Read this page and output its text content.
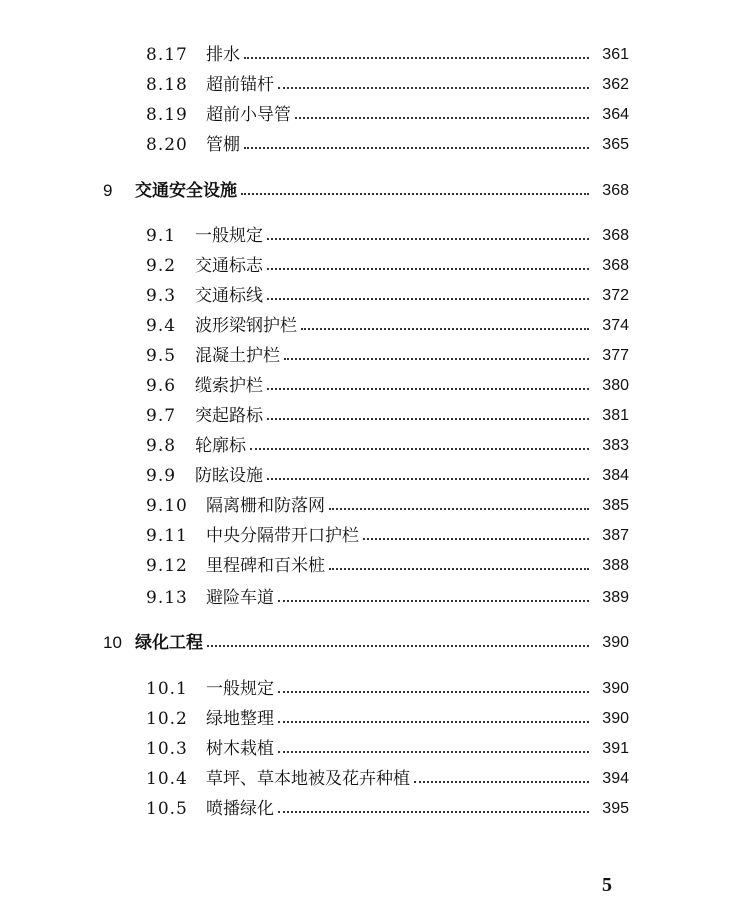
8.17 排水	361
8.18 超前锚杆	362
8.19 超前小导管	364
8.20 管棚	365
9 交通安全设施	368
9.1 一般规定	368
9.2 交通标志	368
9.3 交通标线	372
9.4 波形梁钢护栏	374
9.5 混凝土护栏	377
9.6 缆索护栏	380
9.7 突起路标	381
9.8 轮廓标	383
9.9 防眩设施	384
9.10 隔离栅和防落网	385
9.11 中央分隔带开口护栏	387
9.12 里程碑和百米桩	388
9.13 避险车道	389
10 绿化工程	390
10.1 一般规定	390
10.2 绿地整理	390
10.3 树木栽植	391
10.4 草坪、草本地被及花卉种植	394
10.5 喷播绿化	395
5
